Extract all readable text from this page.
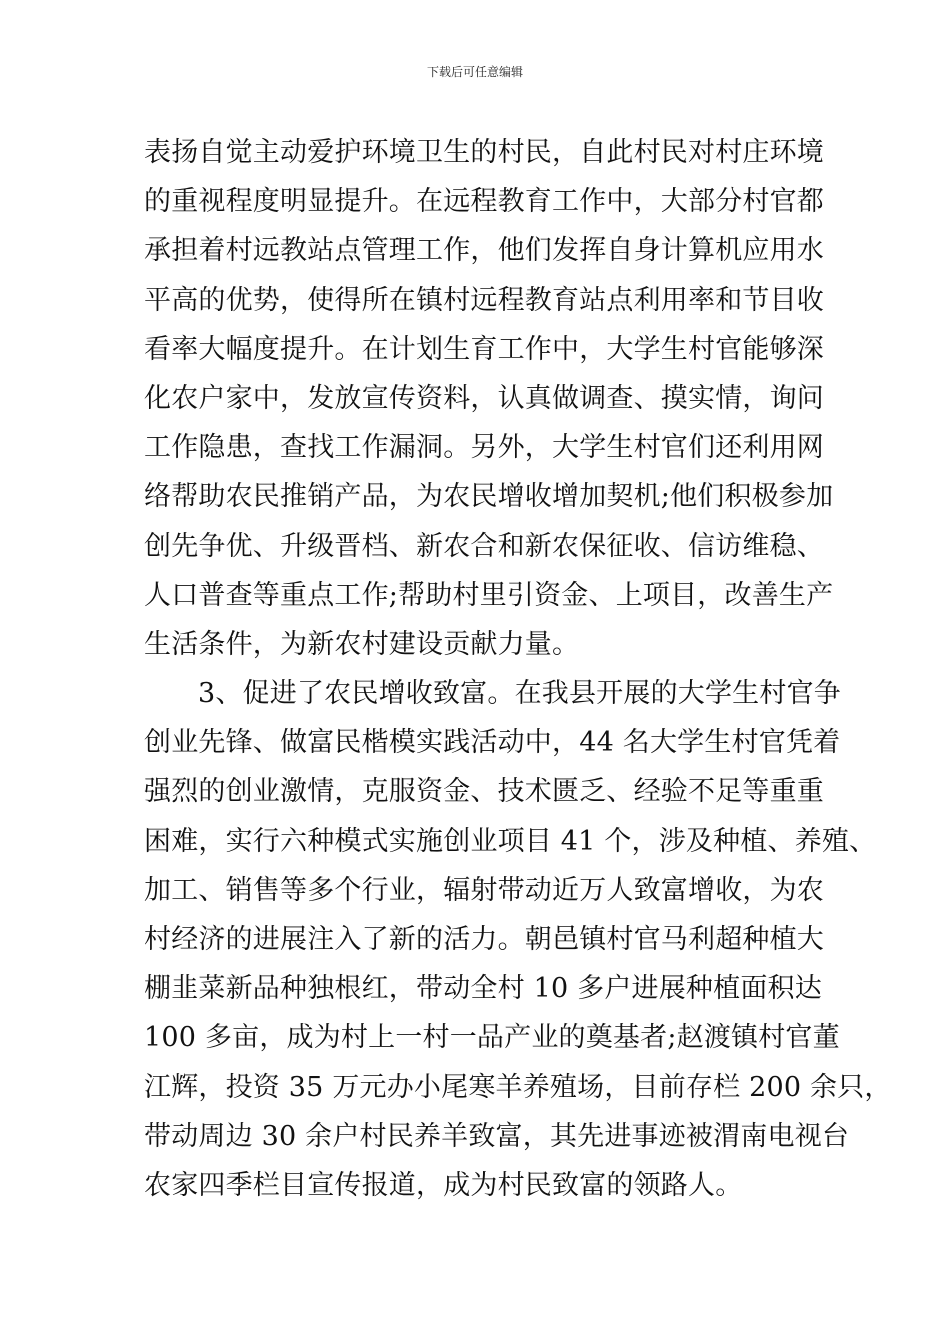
下载后可任意编辑
表扬自觉主动爱护环境卫生的村民，自此村民对村庄环境
的重视程度明显提升。在远程教育工作中，大部分村官都
承担着村远教站点管理工作，他们发挥自身计算机应用水
平高的优势，使得所在镇村远程教育站点利用率和节目收
看率大幅度提升。在计划生育工作中，大学生村官能够深
化农户家中，发放宣传资料，认真做调查、摸实情，询问
工作隐患，查找工作漏洞。另外，大学生村官们还利用网
络帮助农民推销产品，为农民增收增加契机;他们积极参加
创先争优、升级晋档、新农合和新农保征收、信访维稳、
人口普查等重点工作;帮助村里引资金、上项目，改善生产
生活条件，为新农村建设贡献力量。
3、促进了农民增收致富。在我县开展的大学生村官争
创业先锋、做富民楷模实践活动中，44 名大学生村官凭着
强烈的创业激情，克服资金、技术匮乏、经验不足等重重
困难，实行六种模式实施创业项目 41 个，涉及种植、养殖、
加工、销售等多个行业，辐射带动近万人致富增收，为农
村经济的进展注入了新的活力。朝邑镇村官马利超种植大
棚韭菜新品种独根红，带动全村 10 多户进展种植面积达
100 多亩，成为村上一村一品产业的奠基者;赵渡镇村官董
江辉，投资 35 万元办小尾寒羊养殖场，目前存栏 200 余只，
带动周边 30 余户村民养羊致富，其先进事迹被渭南电视台
农家四季栏目宣传报道，成为村民致富的领路人。
